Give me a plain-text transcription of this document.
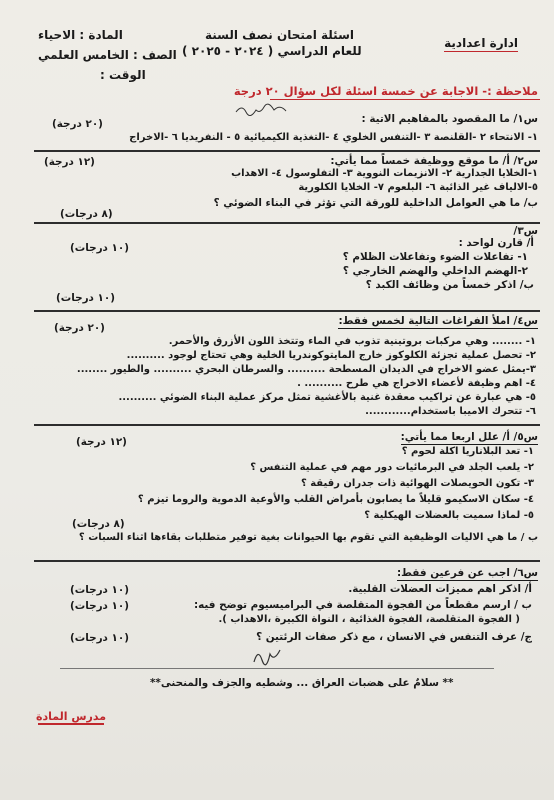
ادارة اعدادية
اسئلة امتحان نصف السنة
للعام الدراسي ( ٢٠٢٤ - ٢٠٢٥ )
المادة : الاحياء
الصف : الخامس العلمي
الوقت :
ملاحظة :- الاجابة عن خمسة اسئلة لكل سؤال ٢٠ درجة
س١/ ما المقصود بالمفاهيم الاتية :
(٢٠ درجة)
١- الانتحاء ٢ -القلنصة ٣ -التنفس الخلوي ٤ -التغذية الكيميائية ٥ - النفريديا ٦ -الاخراج
س٢/ أ/ ما موقع ووظيفة خمساً مما يأتي:
(١٢ درجة)
١-الخلايا الجدارية ٢- الانزيمات النووية ٣- التفلوسول ٤- الاهداب
٥-الالياف غير الذائبة ٦- البلعوم ٧- الخلايا الكلورية
ب/ ما هي العوامل الداخلية للورقة التي تؤثر في البناء الضوئي ؟
(٨ درجات)
س٣/
أ/ قارن لواحد :
(١٠ درجات)
١- تفاعلات الضوء وتفاعلات الظلام ؟
٢-الهضم الداخلي والهضم الخارجي ؟
ب/ اذكر خمساً من وظائف الكبد ؟
(١٠ درجات)
س٤/ املأ الفراغات التالية لخمس فقط:
(٢٠ درجة)
١- ........ وهي مركبات بروتينية تذوب في الماء وتتخذ اللون الأزرق والأحمر.
٢- تحصل عملية تجزئة الكلوكوز خارج المايتوكوندريا الخلية وهي تحتاج لوجود ..........
٣-يمثل عضو الاخراج في الديدان المسطحة .......... والسرطان البحري .......... والطيور ........
٤- اهم وظيفة لأعضاء الاخراج هي طرح .......... .
٥- هي عبارة عن تراكيب معقدة غنية بالأغشية تمثل مركز عملية البناء الضوئي ..........
٦- تتحرك الاميبا باستخدام............
س٥/ أ/ علل اربعا مما يأتي:
(١٢ درجة)
١- تعد البلاناريا اكلة لحوم ؟
٢- يلعب الجلد في البرمائيات دور مهم في عملية التنفس ؟
٣- تكون الحويصلات الهوائية ذات جدران رقيقة ؟
٤- سكان الاسكيمو قليلاً ما يصابون بأمراض القلب والأوعية الدموية والروما تيزم ؟
٥- لماذا سميت بالعضلات الهيكلية ؟
(٨ درجات)
ب / ما هي الاليات الوظيفية التي تقوم بها الحيوانات بغية توفير متطلبات بقاءها اثناء السبات ؟
س٦/ اجب عن فرعين فقط:
أ/ اذكر اهم مميزات العضلات القلبية.
(١٠ درجات)
ب / ارسم مقطعاً من الفجوة المتقلصة في البراميسيوم توضح فيه:
(١٠ درجات)
( الفجوة المتقلصة، الفجوة الغذائية ، النواة الكبيرة ،الاهداب ).
ج/ عرف التنفس في الانسان ، مع ذكر صفات الرئتين ؟
(١٠ درجات)
** سلامٌ على هضبات العراق ... وشطيه والجزف والمنحنى**
مدرس المادة
